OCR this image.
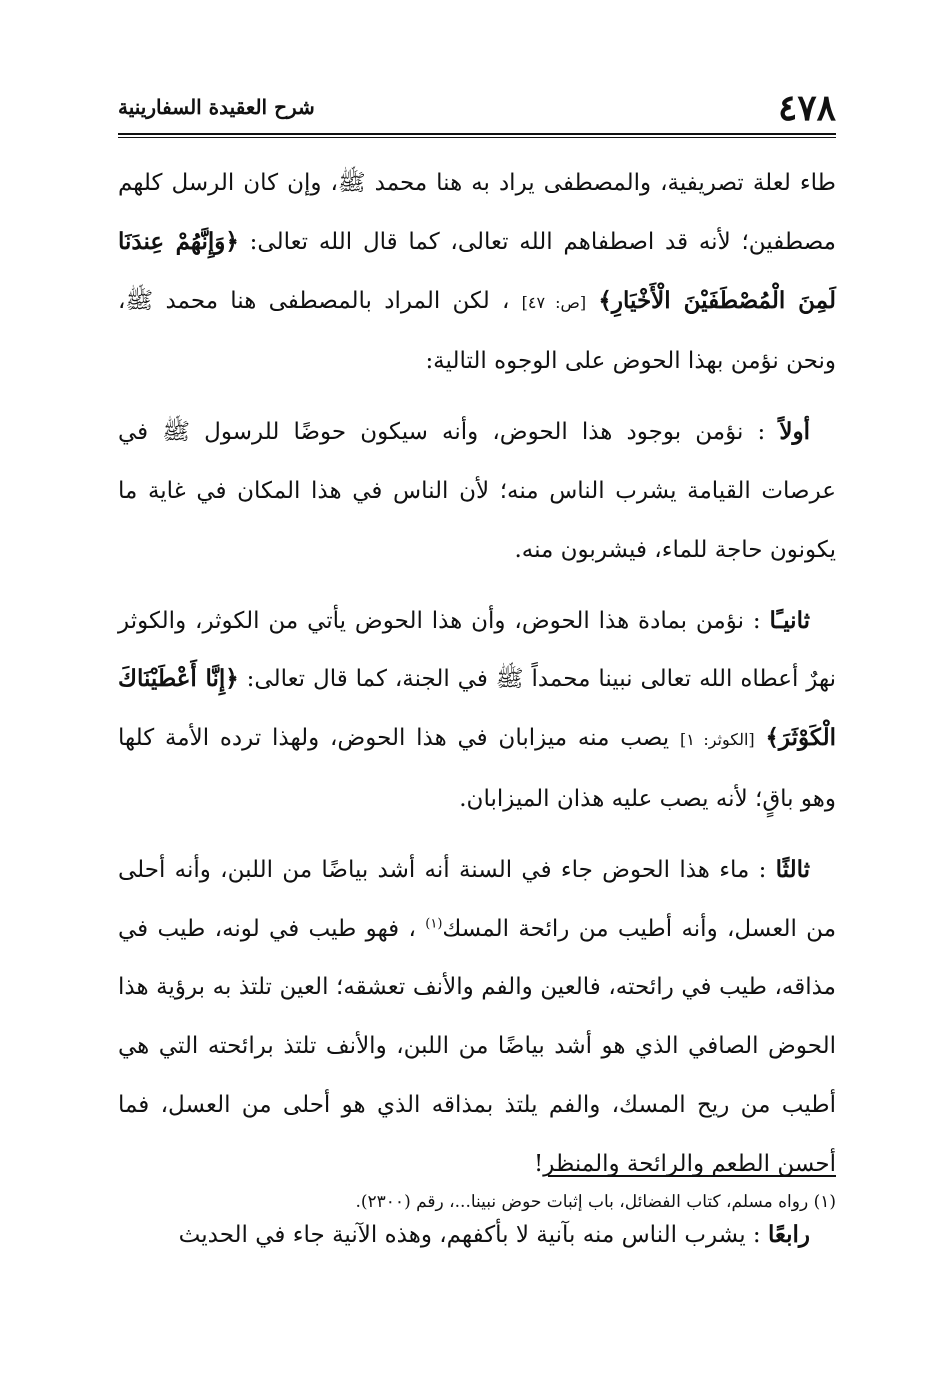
٤٧٨
شرح العقيدة السفارينية

طاء لعلة تصريفية، والمصطفى يراد به هنا محمد ﷺ، وإن كان الرسل كلهم مصطفين؛ لأنه قد اصطفاهم الله تعالى، كما قال الله تعالى: ﴿وَإِنَّهُمْ عِندَنَا لَمِنَ الْمُصْطَفَيْنَ الْأَخْيَارِ﴾ [ص: ٤٧] ، لكن المراد بالمصطفى هنا محمد ﷺ، ونحن نؤمن بهذا الحوض على الوجوه التالية:

أولاً : نؤمن بوجود هذا الحوض، وأنه سيكون حوضًا للرسول ﷺ في عرصات القيامة يشرب الناس منه؛ لأن الناس في هذا المكان في غاية ما يكونون حاجة للماء، فيشربون منه.

ثانيـًا : نؤمن بمادة هذا الحوض، وأن هذا الحوض يأتي من الكوثر، والكوثر نهرٌ أعطاه الله تعالى نبينا محمداً ﷺ في الجنة، كما قال تعالى: ﴿إِنَّا أَعْطَيْنَاكَ الْكَوْثَرَ﴾ [الكوثر: ١] يصب منه ميزابان في هذا الحوض، ولهذا ترده الأمة كلها وهو باقٍ؛ لأنه يصب عليه هذان الميزابان.

ثالثًا : ماء هذا الحوض جاء في السنة أنه أشد بياضًا من اللبن، وأنه أحلى من العسل، وأنه أطيب من رائحة المسك$^{(١)}$ ، فهو طيب في لونه، طيب في مذاقه، طيب في رائحته، فالعين والفم والأنف تعشقه؛ العين تلتذ به برؤية هذا الحوض الصافي الذي هو أشد بياضًا من اللبن، والأنف تلتذ برائحته التي هي أطيب من ريح المسك، والفم يلتذ بمذاقه الذي هو أحلى من العسل، فما أحسن الطعم والرائحة والمنظر!

رابعًا : يشرب الناس منه بآنية لا بأكفهم، وهذه الآنية جاء في الحديث

(١) رواه مسلم، كتاب الفضائل، باب إثبات حوض نبينا...، رقم (٢٣٠٠).
